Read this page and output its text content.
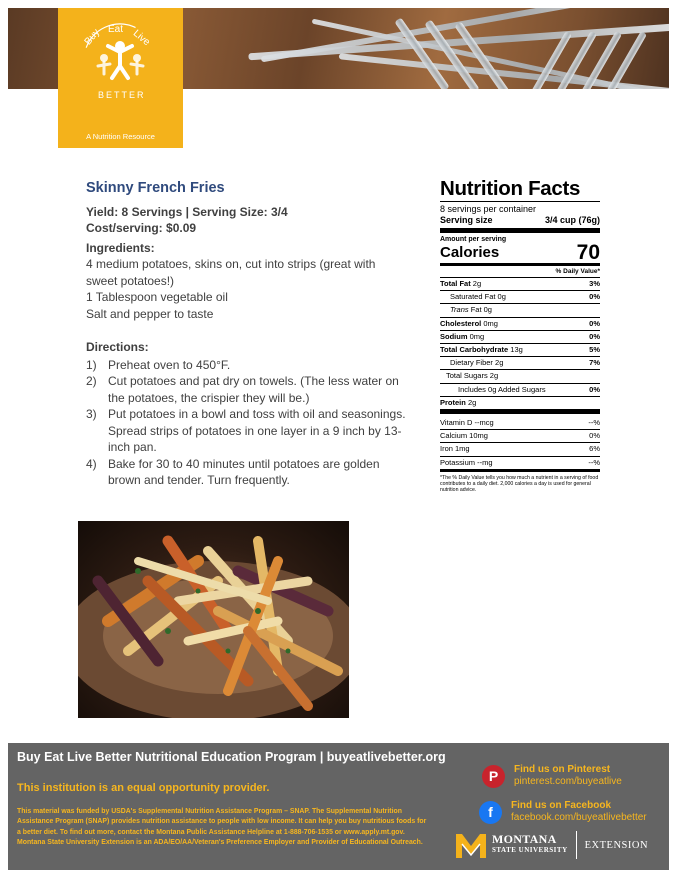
Buy Eat Live
BETTER
A Nutrition Resource
Skinny French Fries
Yield: 8 Servings | Serving Size: 3/4
Cost/serving: $0.09
Ingredients:
4 medium potatoes, skins on, cut into strips (great with sweet potatoes!)
1 Tablespoon vegetable oil
Salt and pepper to taste
Directions:
1) Preheat oven to 450°F.
2) Cut potatoes and pat dry on towels. (The less water on the potatoes, the crispier they will be.)
3) Put potatoes in a bowl and toss with oil and seasonings. Spread strips of potatoes in one layer in a 9 inch by 13-inch pan.
4) Bake for 30 to 40 minutes until potatoes are golden brown and tender. Turn frequently.
Nutrition Facts
8 servings per container
Serving size	3/4 cup (76g)
Amount per serving
Calories	70
% Daily Value*
Total Fat 2g	3%
Saturated Fat 0g	0%
Trans Fat 0g
Cholesterol 0mg	0%
Sodium 0mg	0%
Total Carbohydrate 13g	5%
Dietary Fiber 2g	7%
Total Sugars 2g
Includes 0g Added Sugars	0%
Protein 2g
Vitamin D --mcg	--%
Calcium 10mg	0%
Iron 1mg	6%
Potassium --mg	--%
*The % Daily Value tells you how much a nutrient in a serving of food contributes to a daily diet. 2,000 calories a day is used for general nutrition advice.
Buy Eat Live Better Nutritional Education Program | buyeatlivebetter.org
This institution is an equal opportunity provider.
This material was funded by USDA's Supplemental Nutrition Assistance Program – SNAP. The Supplemental Nutrition Assistance Program (SNAP) provides nutrition assistance to people with low income. It can help you buy nutritious foods for a better diet. To find out more, contact the Montana Public Assistance Helpline at 1-888-706-1535 or www.apply.mt.gov. Montana State University Extension is an ADA/EO/AA/Veteran's Preference Employer and Provider of Educational Outreach.
P	Find us on Pinterest
pinterest.com/buyeatlive
f	Find us on Facebook
facebook.com/buyeatlivebetter
MONTANA
STATE UNIVERSITY EXTENSION
